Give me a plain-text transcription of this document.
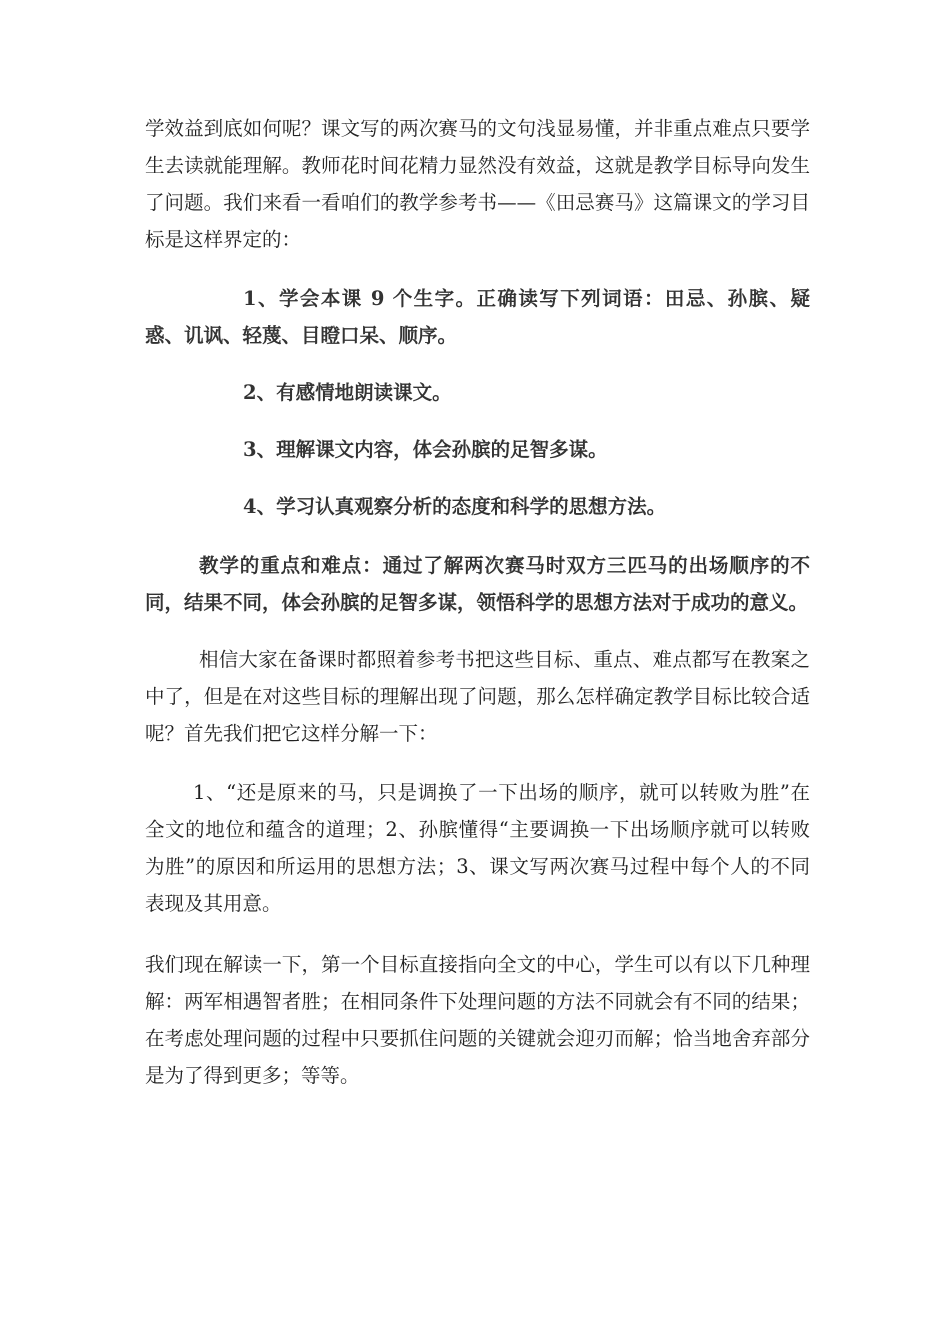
学效益到底如何呢？课文写的两次赛马的文句浅显易懂，并非重点难点只要学生去读就能理解。教师花时间花精力显然没有效益，这就是教学目标导向发生了问题。我们来看一看咱们的教学参考书——《田忌赛马》这篇课文的学习目标是这样界定的：

1、学会本课 9 个生字。正确读写下列词语：田忌、孙膑、疑惑、讥讽、轻蔑、目瞪口呆、顺序。

2、有感情地朗读课文。

3、理解课文内容，体会孙膑的足智多谋。

4、学习认真观察分析的态度和科学的思想方法。

教学的重点和难点：通过了解两次赛马时双方三匹马的出场顺序的不同，结果不同，体会孙膑的足智多谋，领悟科学的思想方法对于成功的意义。

相信大家在备课时都照着参考书把这些目标、重点、难点都写在教案之中了，但是在对这些目标的理解出现了问题，那么怎样确定教学目标比较合适呢？首先我们把它这样分解一下：

1、“还是原来的马，只是调换了一下出场的顺序，就可以转败为胜”在全文的地位和蕴含的道理；2、孙膑懂得“主要调换一下出场顺序就可以转败为胜”的原因和所运用的思想方法；3、课文写两次赛马过程中每个人的不同表现及其用意。

我们现在解读一下，第一个目标直接指向全文的中心，学生可以有以下几种理解：两军相遇智者胜；在相同条件下处理问题的方法不同就会有不同的结果；在考虑处理问题的过程中只要抓住问题的关键就会迎刃而解；恰当地舍弃部分是为了得到更多；等等。
